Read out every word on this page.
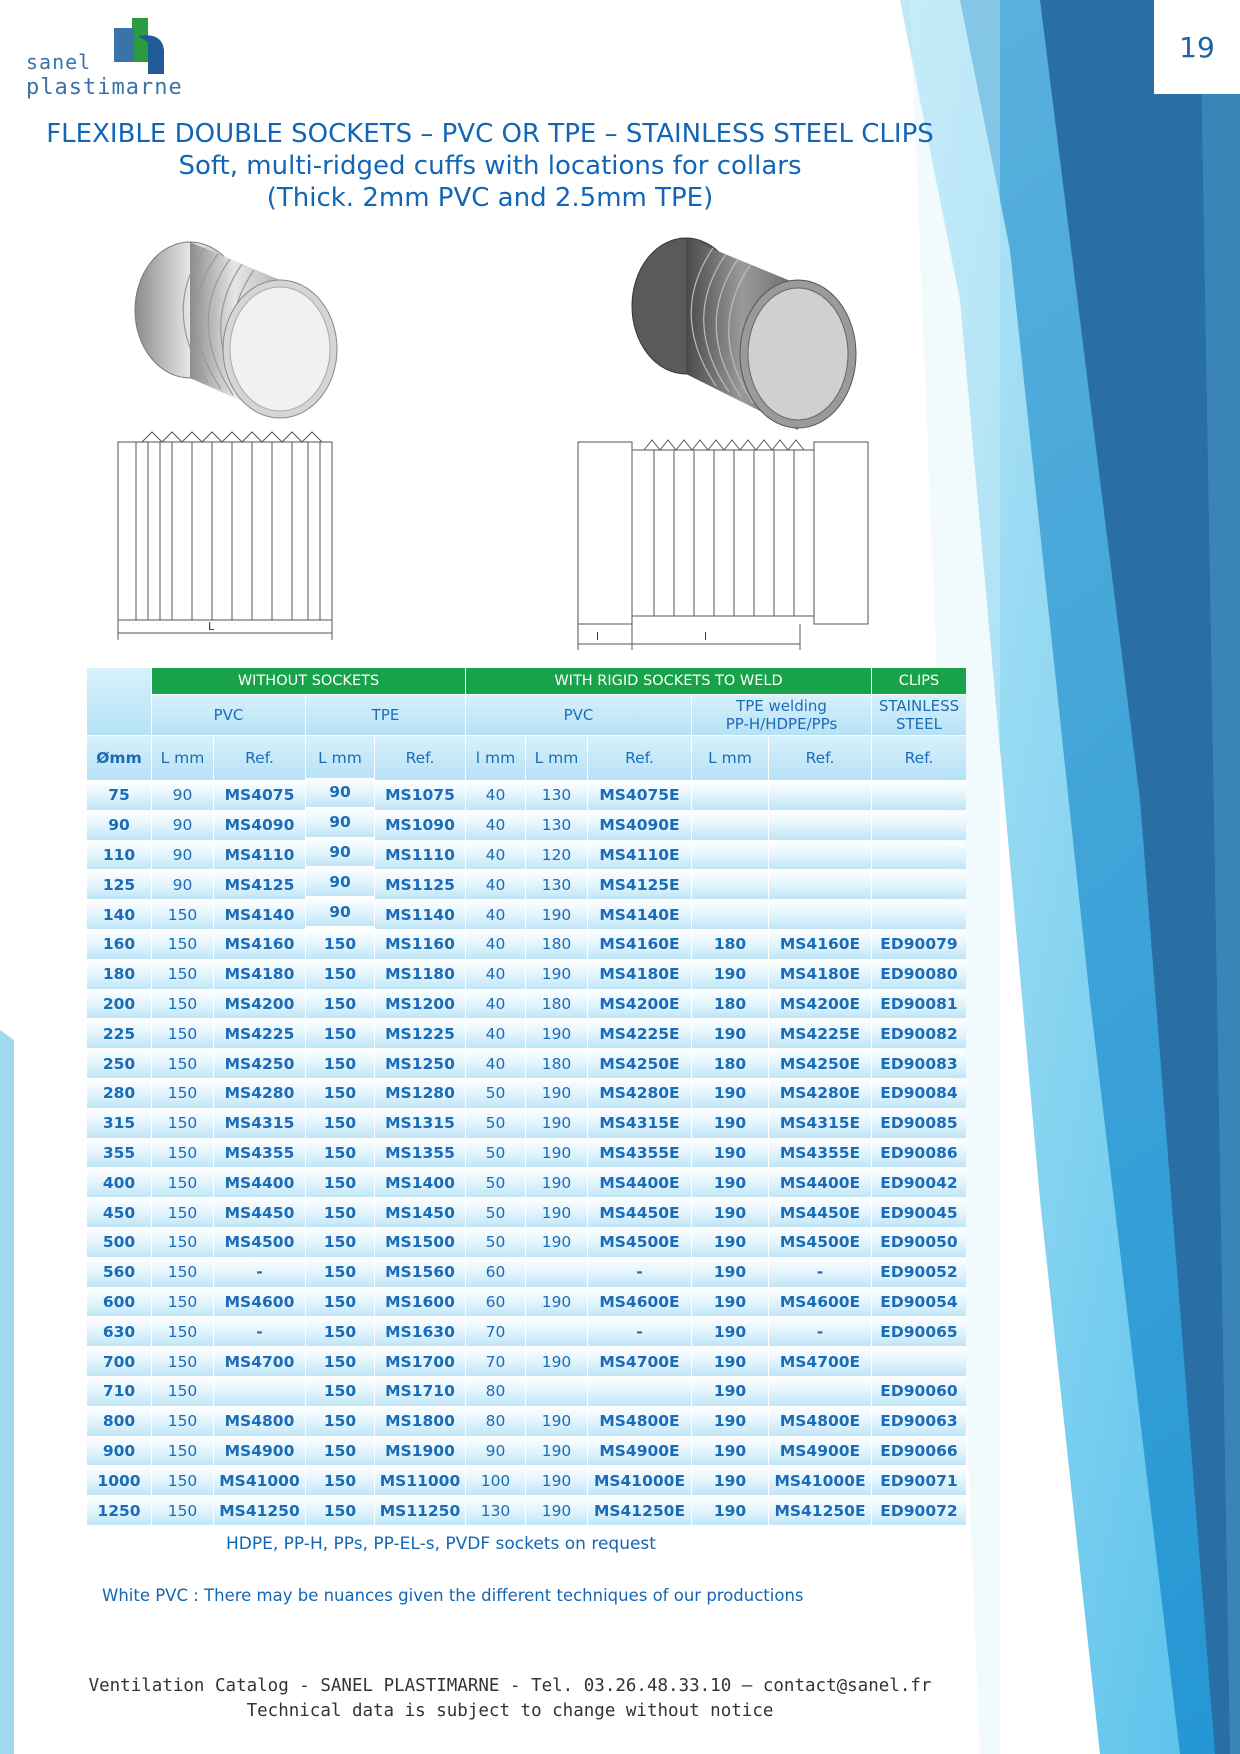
19
sanel
plastimarne
FLEXIBLE DOUBLE SOCKETS – PVC OR TPE – STAINLESS STEEL CLIPS

Soft, multi-ridged cuffs with locations for collars

(Thick. 2mm PVC and 2.5mm TPE)

L
l	l
	WITHOUT SOCKETS				WITH RIGID SOCKETS TO WELD					CLIPS
	PVC		TPE		PVC			TPE welding
PP-H/HDPE/PPs		STAINLESS
STEEL
Ømm	L mm	Ref.	L mm	Ref.	l mm	L mm	Ref.	L mm	Ref.	Ref.
75	90	MS4075	90	MS1075	40	130	MS4075E			
90	90	MS4090	90	MS1090	40	130	MS4090E			
110	90	MS4110	90	MS1110	40	120	MS4110E			
125	90	MS4125	90	MS1125	40	130	MS4125E			
140	150	MS4140	90	MS1140	40	190	MS4140E			
160	150	MS4160	150	MS1160	40	180	MS4160E	180	MS4160E	ED90079
180	150	MS4180	150	MS1180	40	190	MS4180E	190	MS4180E	ED90080
200	150	MS4200	150	MS1200	40	180	MS4200E	180	MS4200E	ED90081
225	150	MS4225	150	MS1225	40	190	MS4225E	190	MS4225E	ED90082
250	150	MS4250	150	MS1250	40	180	MS4250E	180	MS4250E	ED90083
280	150	MS4280	150	MS1280	50	190	MS4280E	190	MS4280E	ED90084
315	150	MS4315	150	MS1315	50	190	MS4315E	190	MS4315E	ED90085
355	150	MS4355	150	MS1355	50	190	MS4355E	190	MS4355E	ED90086
400	150	MS4400	150	MS1400	50	190	MS4400E	190	MS4400E	ED90042
450	150	MS4450	150	MS1450	50	190	MS4450E	190	MS4450E	ED90045
500	150	MS4500	150	MS1500	50	190	MS4500E	190	MS4500E	ED90050
560	150	-	150	MS1560	60		-	190	-	ED90052
600	150	MS4600	150	MS1600	60	190	MS4600E	190	MS4600E	ED90054
630	150	-	150	MS1630	70		-	190	-	ED90065
700	150	MS4700	150	MS1700	70	190	MS4700E	190	MS4700E	
710	150		150	MS1710	80			190		ED90060
800	150	MS4800	150	MS1800	80	190	MS4800E	190	MS4800E	ED90063
900	150	MS4900	150	MS1900	90	190	MS4900E	190	MS4900E	ED90066
1000	150	MS41000	150	MS11000	100	190	MS41000E	190	MS41000E	ED90071
1250	150	MS41250	150	MS11250	130	190	MS41250E	190	MS41250E	ED90072
HDPE, PP-H, PPs, PP-EL-s, PVDF sockets on request
White PVC : There may be nuances given the different techniques of our productions
Ventilation Catalog - SANEL PLASTIMARNE - Tel. 03.26.48.33.10 – contact@sanel.fr
Technical data is subject to change without notice
